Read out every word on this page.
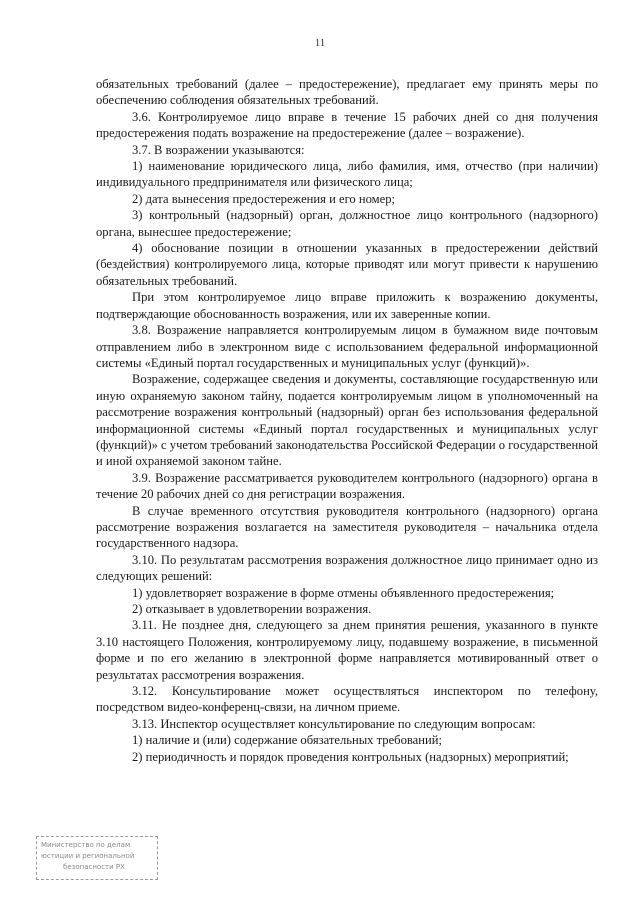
11

обязательных требований (далее – предостережение), предлагает ему принять меры по обеспечению соблюдения обязательных требований.

3.6. Контролируемое лицо вправе в течение 15 рабочих дней со дня получения предостережения подать возражение на предостережение (далее – возражение).

3.7. В возражении указываются:

1) наименование юридического лица, либо фамилия, имя, отчество (при наличии) индивидуального предпринимателя или физического лица;

2) дата вынесения предостережения и его номер;

3) контрольный (надзорный) орган, должностное лицо контрольного (надзорного) органа, вынесшее предостережение;

4) обоснование позиции в отношении указанных в предостережении действий (бездействия) контролируемого лица, которые приводят или могут привести к нарушению обязательных требований.

При этом контролируемое лицо вправе приложить к возражению документы, подтверждающие обоснованность возражения, или их заверенные копии.

3.8. Возражение направляется контролируемым лицом в бумажном виде почтовым отправлением либо в электронном виде с использованием федеральной информационной системы «Единый портал государственных и муниципальных услуг (функций)».

Возражение, содержащее сведения и документы, составляющие государственную или иную охраняемую законом тайну, подается контролируемым лицом в уполномоченный на рассмотрение возражения контрольный (надзорный) орган без использования федеральной информационной системы «Единый портал государственных и муниципальных услуг (функций)» с учетом требований законодательства Российской Федерации о государственной и иной охраняемой законом тайне.

3.9. Возражение рассматривается руководителем контрольного (надзорного) органа в течение 20 рабочих дней со дня регистрации возражения.

В случае временного отсутствия руководителя контрольного (надзорного) органа рассмотрение возражения возлагается на заместителя руководителя – начальника отдела государственного надзора.

3.10. По результатам рассмотрения возражения должностное лицо принимает одно из следующих решений:

1) удовлетворяет возражение в форме отмены объявленного предостережения;

2) отказывает в удовлетворении возражения.

3.11. Не позднее дня, следующего за днем принятия решения, указанного в пункте 3.10 настоящего Положения, контролируемому лицу, подавшему возражение, в письменной форме и по его желанию в электронной форме направляется мотивированный ответ о результатах рассмотрения возражения.

3.12. Консультирование может осуществляться инспектором по телефону, посредством видео-конференц-связи, на личном приеме.

3.13. Инспектор осуществляет консультирование по следующим вопросам:

1) наличие и (или) содержание обязательных требований;

2) периодичность и порядок проведения контрольных (надзорных) мероприятий;

Министерство по делам
юстиции и региональной
безопасности РХ
